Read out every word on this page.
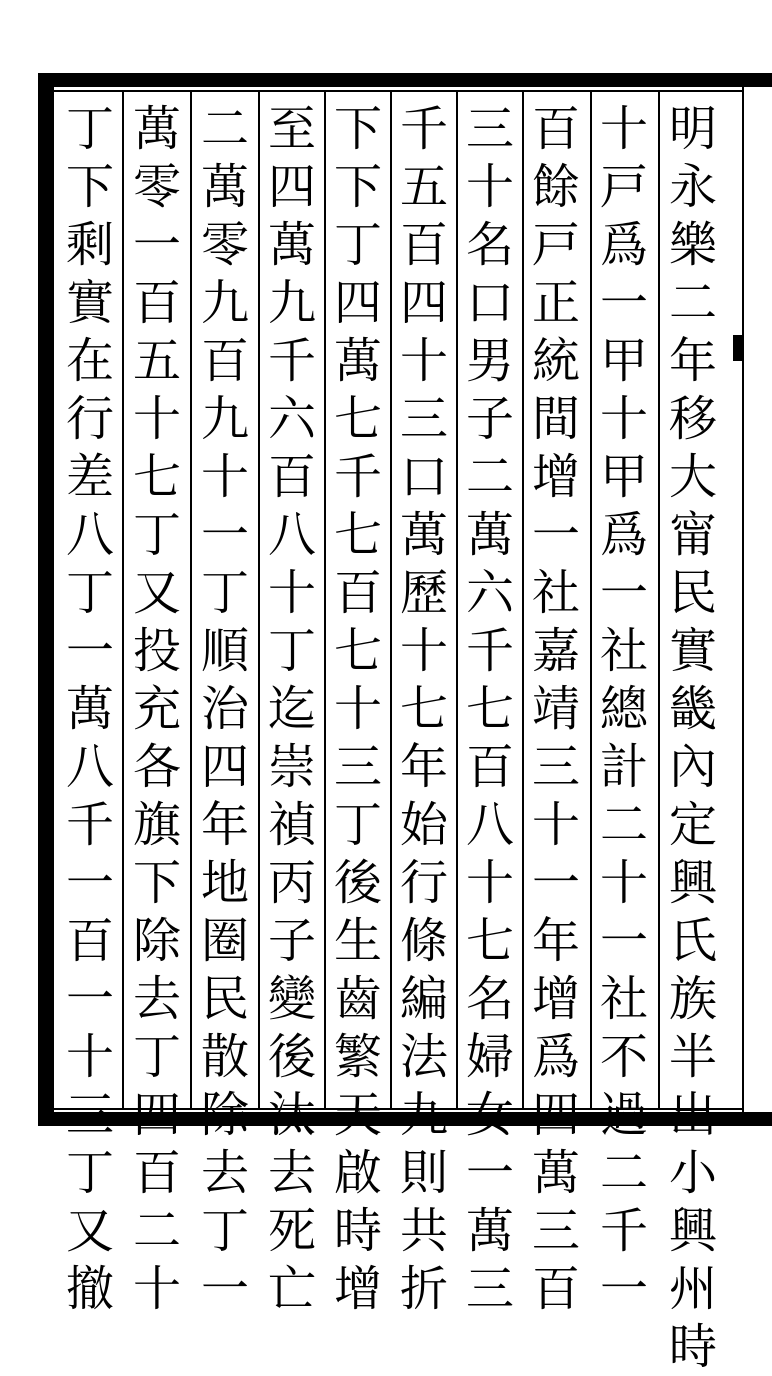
明
永
樂
二
年
移
大
甯
民
實
畿
內
定
興
氏
族
半
出
小
興
州
時
十
戸
爲
一
甲
十
甲
爲
一
社
總
計
二
十
一
社
不
過
二
千
一
百
餘
戸
正
統
間
增
一
社
嘉
靖
三
十
一
年
增
爲
四
萬
三
百
三
十
名
口
男
子
二
萬
六
千
七
百
八
十
七
名
婦
女
一
萬
三
千
五
百
四
十
三
口
萬
歷
十
七
年
始
行
條
編
法
九
則
共
折
下
下
丁
四
萬
七
千
七
百
七
十
三
丁
後
生
齒
繁
天
啟
時
增
至
四
萬
九
千
六
百
八
十
丁
迄
崇
禎
丙
子
變
後
汰
去
死
亡
二
萬
零
九
百
九
十
一
丁
順
治
四
年
地
圈
民
散
除
去
丁
一
萬
零
一
百
五
十
七
丁
又
投
充
各
旗
下
除
去
丁
四
百
二
十
丁
下
剩
實
在
行
差
八
丁
一
萬
八
千
一
百
一
十
三
丁
又
撤
